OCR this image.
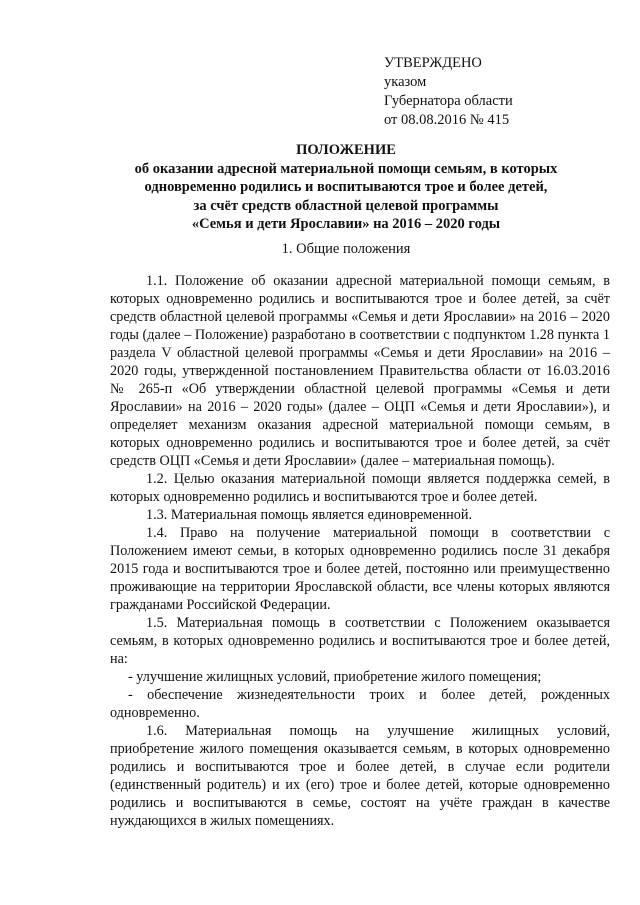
УТВЕРЖДЕНО
указом
Губернатора области
от 08.08.2016 № 415
ПОЛОЖЕНИЕ
об оказании адресной материальной помощи семьям, в которых
одновременно родились и воспитываются трое и более детей,
за счёт средств областной целевой программы
«Семья и дети Ярославии» на 2016 – 2020 годы
1. Общие положения

1.1. Положение об оказании адресной материальной помощи семьям, в которых одновременно родились и воспитываются трое и более детей, за счёт средств областной целевой программы «Семья и дети Ярославии» на 2016 – 2020 годы (далее – Положение) разработано в соответствии с подпунктом 1.28 пункта 1 раздела V областной целевой программы «Семья и дети Ярославии» на 2016 – 2020 годы, утвержденной постановлением Правительства области от 16.03.2016 № 265-п «Об утверждении областной целевой программы «Семья и дети Ярославии» на 2016 – 2020 годы» (далее – ОЦП «Семья и дети Ярославии»), и определяет механизм оказания адресной материальной помощи семьям, в которых одновременно родились и воспитываются трое и более детей, за счёт средств ОЦП «Семья и дети Ярославии» (далее – материальная помощь).

1.2. Целью оказания материальной помощи является поддержка семей, в которых одновременно родились и воспитываются трое и более детей.

1.3. Материальная помощь является единовременной.

1.4. Право на получение материальной помощи в соответствии с Положением имеют семьи, в которых одновременно родились после 31 декабря 2015 года и воспитываются трое и более детей, постоянно или преимущественно проживающие на территории Ярославской области, все члены которых являются гражданами Российской Федерации.

1.5. Материальная помощь в соответствии с Положением оказывается семьям, в которых одновременно родились и воспитываются трое и более детей, на:

- улучшение жилищных условий, приобретение жилого помещения;

- обеспечение жизнедеятельности троих и более детей, рожденных одновременно.

1.6. Материальная помощь на улучшение жилищных условий, приобретение жилого помещения оказывается семьям, в которых одновременно родились и воспитываются трое и более детей, в случае если родители (единственный родитель) и их (его) трое и более детей, которые одновременно родились и воспитываются в семье, состоят на учёте граждан в качестве нуждающихся в жилых помещениях.
